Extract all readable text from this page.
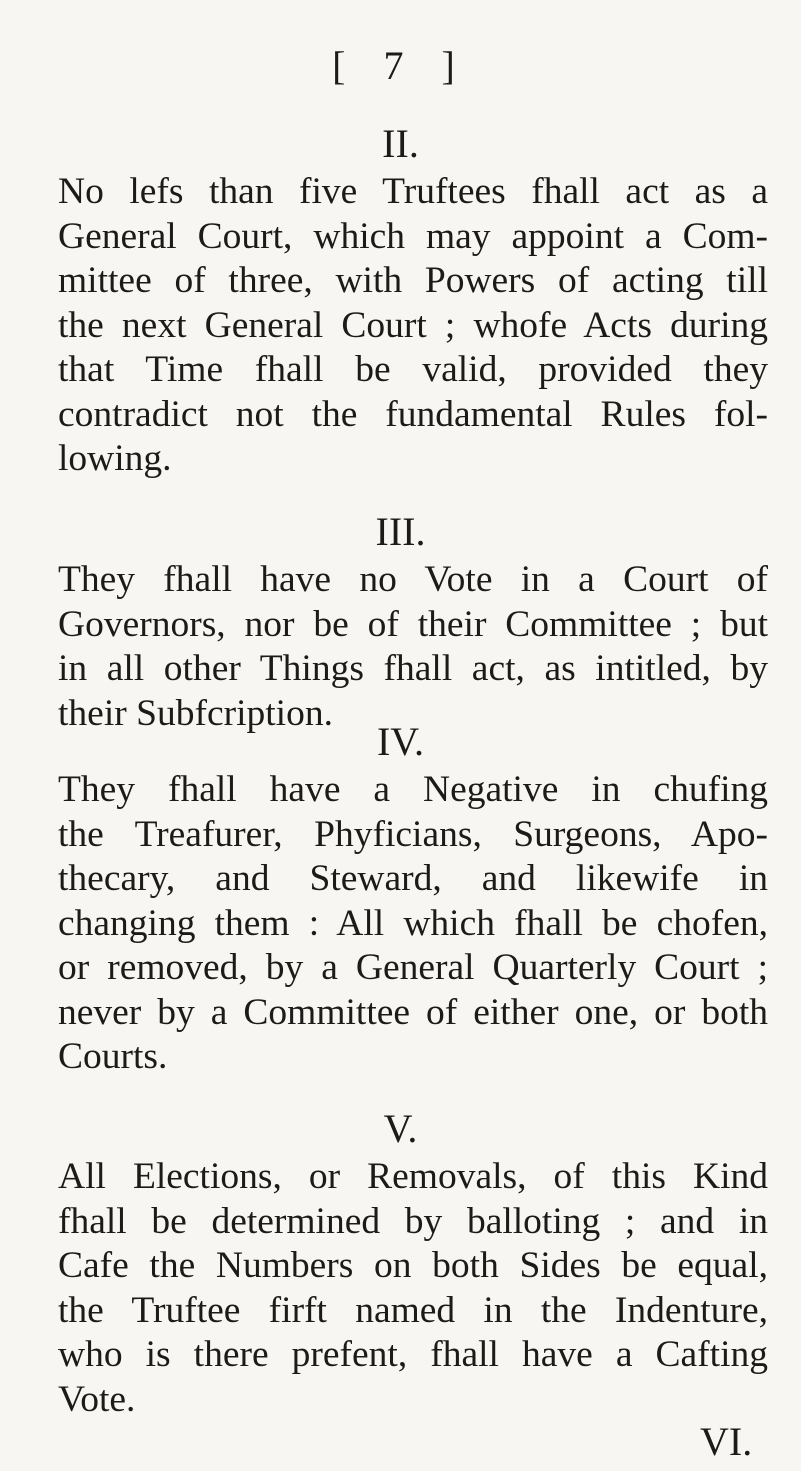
[ 7 ]
II.
No lefs than five Truftees fhall act as a
General Court, which may appoint a Com-
mittee of three, with Powers of acting till
the next General Court ; whofe Acts during
that Time fhall be valid, provided they
contradict not the fundamental Rules fol-
lowing.
III.
They fhall have no Vote in a Court of
Governors, nor be of their Committee ; but
in all other Things fhall act, as intitled, by
their Subfcription.
IV.
They fhall have a Negative in chufing
the Treafurer, Phyficians, Surgeons, Apo-
thecary, and Steward, and likewife in
changing them : All which fhall be chofen,
or removed, by a General Quarterly Court ;
never by a Committee of either one, or both
Courts.
V.
All Elections, or Removals, of this Kind
fhall be determined by balloting ; and in
Cafe the Numbers on both Sides be equal,
the Truftee firft named in the Indenture,
who is there prefent, fhall have a Cafting
Vote.
VI.
